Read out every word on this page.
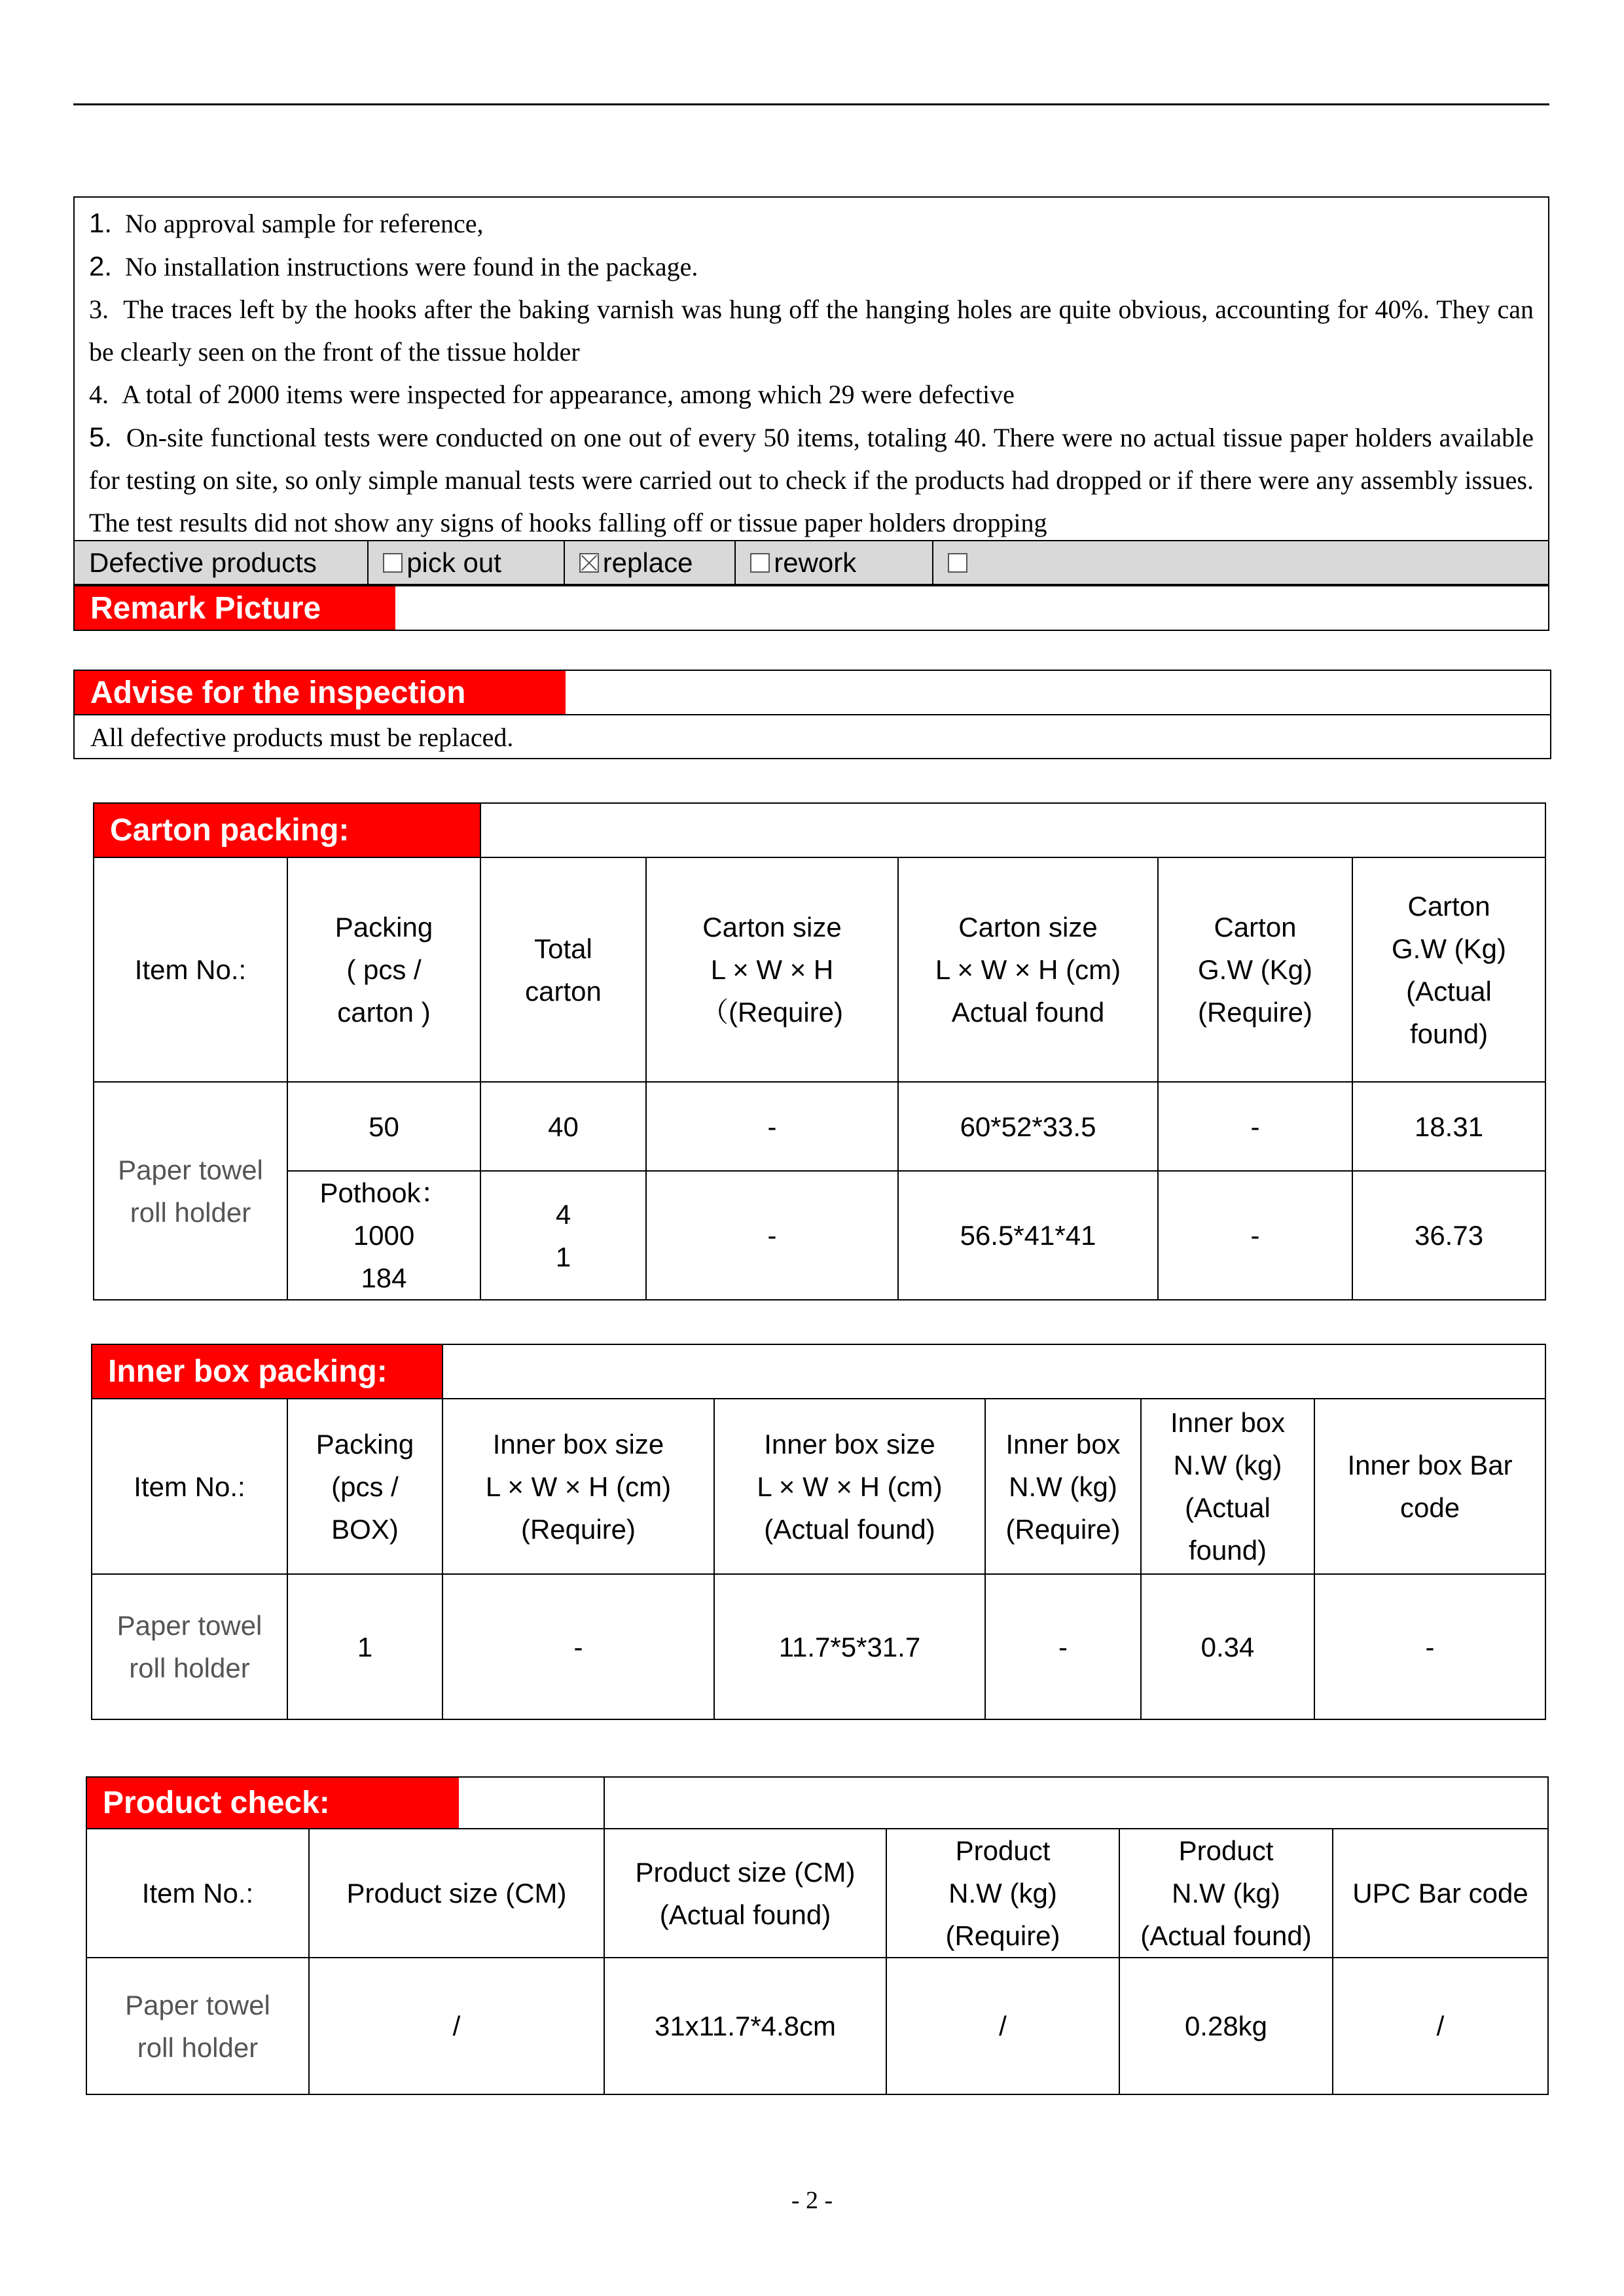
1. No approval sample for reference,

2. No installation instructions were found in the package.

3. The traces left by the hooks after the baking varnish was hung off the hanging holes are quite obvious, accounting for 40%. They can be clearly seen on the front of the tissue holder

4. A total of 2000 items were inspected for appearance, among which 29 were defective

5. On-site functional tests were conducted on one out of every 50 items, totaling 40. There were no actual tissue paper holders available for testing on site, so only simple manual tests were carried out to check if the products had dropped or if there were any assembly issues. The test results did not show any signs of hooks falling off or tissue paper holders dropping

Defective products	pick out	replace	rework
Remark Picture
Advise for the inspection
All defective products must be replaced.
Carton packing:						

Item No.:	Packing
( pcs /
carton )	Total
carton	Carton size
L × W × H
（(Require)	Carton size
L × W × H (cm)
Actual found	Carton
G.W (Kg)
(Require)	Carton
G.W (Kg)
(Actual
found)
Paper towel
roll holder	50	40	-	60*52*33.5	-	18.31
	Pothook：
1000
184	4
1	-	56.5*41*41	-	36.73
Inner box packing:						

Item No.:	Packing
(pcs /
BOX)	Inner box size
L × W × H (cm)
(Require)	Inner box size
L × W × H (cm)
(Actual found)	Inner box
N.W (kg)
(Require)	Inner box
N.W (kg)
(Actual
found)	Inner box Bar
code
Paper towel
roll holder	1	-	11.7*5*31.7	-	0.34	-
Product check:					

Item No.:	Product size (CM)	Product size (CM)
(Actual found)	Product
N.W (kg)
(Require)	Product
N.W (kg)
(Actual found)	UPC Bar code
Paper towel
roll holder	/	31x11.7*4.8cm	/	0.28kg	/
- 2 -
